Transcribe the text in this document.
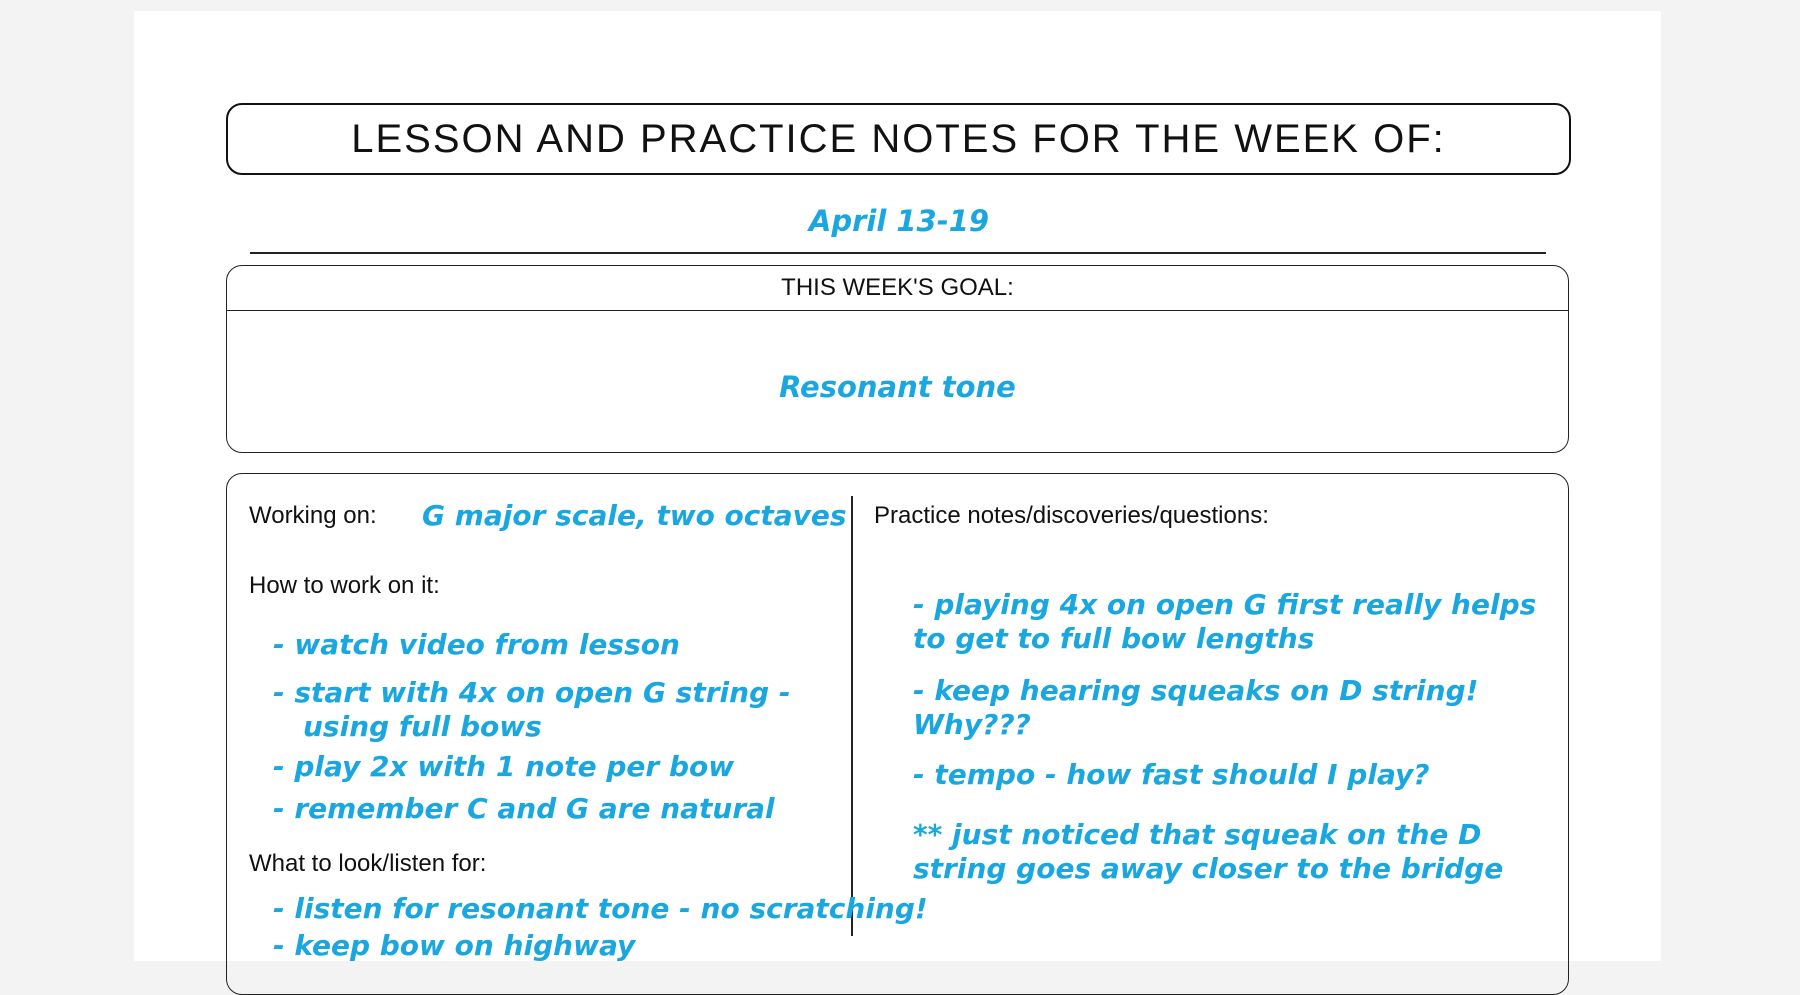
LESSON AND PRACTICE NOTES FOR THE WEEK OF:
April 13-19
THIS WEEK'S GOAL:
Resonant tone
Working on: G major scale, two octaves
How to work on it:
- watch video from lesson
- start with 4x on open G string -
using full bows
- play 2x with 1 note per bow
- remember C and G are natural
What to look/listen for:
- listen for resonant tone - no scratching!
- keep bow on highway
Practice notes/discoveries/questions:
- playing 4x on open G first really helps
to get to full bow lengths
- keep hearing squeaks on D string!
Why???
- tempo - how fast should I play?
** just noticed that squeak on the D
string goes away closer to the bridge
